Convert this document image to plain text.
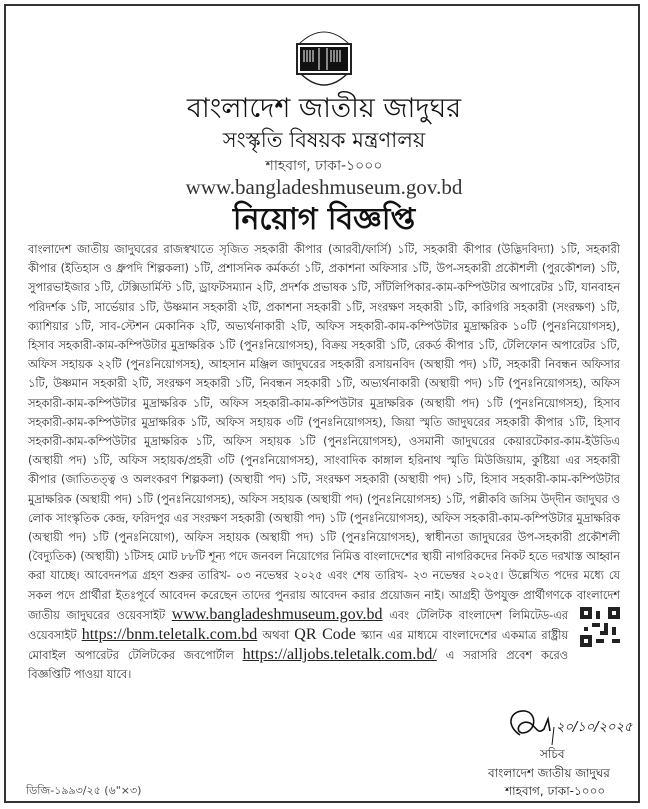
বাংলাদেশ জাতীয় জাদুঘর
সংস্কৃতি বিষয়ক মন্ত্রণালয়
শাহবাগ, ঢাকা-১০০০
www.bangladeshmuseum.gov.bd
নিয়োগ বিজ্ঞপ্তি
বাংলাদেশ জাতীয় জাদুঘরের রাজস্বখাতে সৃজিত সহকারী কীপার (আরবী/ফার্সি) ১টি, সহকারী কীপার (উদ্ভিদবিদ্যা) ১টি, সহকারী কীপার (ইতিহাস ও ধ্রুপদি শিল্পকলা) ১টি, প্রশাসনিক কর্মকর্তা ১টি, প্রকাশনা অফিসার ১টি, উপ-সহকারী প্রকৌশলী (পুরকৌশল) ১টি, সুপারভাইজার ১টি, টেক্সিডার্মিস্ট ১টি, ড্রাফটসম্যান ২টি, প্রদর্শক প্রভাষক ১টি, সাঁটলিপিকার-কাম-কম্পিউটার অপারেটর ১টি, যানবাহন পরিদর্শক ১টি, সার্ভেয়ার ১টি, উষ্ণমান সহকারী ২টি, প্রকাশনা সহকারী ১টি, সংরক্ষণ সহকারী ১টি, কারিগরি সহকারী (সংরক্ষণ) ১টি, ক্যাশিয়ার ১টি, সাব-স্টেশন মেকানিক ২টি, অভ্যর্থনাকারী ২টি, অফিস সহকারী-কাম-কম্পিউটার মুদ্রাক্ষরিক ১০টি (পুনঃনিয়োগসহ), হিসাব সহকারী-কাম-কম্পিউটার মুদ্রাক্ষরিক ১টি (পুনঃনিয়োগসহ), বিক্রয় সহকারী ১টি, রেকর্ড কীপার ১টি, টেলিফোন অপারেটর ১টি, অফিস সহায়ক ২২টি (পুনঃনিয়োগসহ), আহসান মঞ্জিল জাদুঘরের সহকারী রসায়নবিদ (অস্থায়ী পদ) ১টি, সহকারী নিবন্ধন অফিসার ১টি, উষ্ণমান সহকারী ২টি, সংরক্ষণ সহকারী ১টি, নিবন্ধন সহকারী ১টি, অভ্যর্থনাকারী (অস্থায়ী পদ) ১টি (পুনঃনিয়োগসহ), অফিস সহকারী-কাম-কম্পিউটার মুদ্রাক্ষরিক ১টি, অফিস সহকারী-কাম-কম্পিউটার মুদ্রাক্ষরিক (অস্থায়ী পদ) ১টি (পুনঃনিয়োগসহ), হিসাব সহকারী-কাম-কম্পিউটার মুদ্রাক্ষরিক ১টি, অফিস সহায়ক ৩টি (পুনঃনিয়োগসহ), জিয়া স্মৃতি জাদুঘরের সহকারী কীপার ১টি, হিসাব সহকারী-কাম-কম্পিউটার মুদ্রাক্ষরিক ১টি, অফিস সহায়ক ১টি (পুনঃনিয়োগসহ), ওসমানী জাদুঘরের কেয়ারটেকার-কাম-ইউডিএ (অস্থায়ী পদ) ১টি, অফিস সহায়ক/প্রহরী ৩টি (পুনঃনিয়োগসহ), সাংবাদিক কাঙ্গাল হরিনাথ স্মৃতি মিউজিয়াম, কুষ্টিয়া এর সহকারী কীপার (জাতিতত্ত্ব ও অলংকরণ শিল্পকলা) (অস্থায়ী পদ) ১টি, সংরক্ষণ সহকারী (অস্থায়ী পদ) ১টি, হিসাব সহকারী-কাম-কম্পিউটার মুদ্রাক্ষরিক (অস্থায়ী পদ) ১টি (পুনঃনিয়োগসহ), অফিস সহায়ক (অস্থায়ী পদ) (পুনঃনিয়োগসহ) ১টি, পল্লীকবি জসিম উদ্‌দীন জাদুঘর ও লোক সাংস্কৃতিক কেন্দ্র, ফরিদপুর এর সংরক্ষণ সহকারী (অস্থায়ী পদ) ১টি (পুনঃনিয়োগসহ), অফিস সহকারী-কাম-কম্পিউটার মুদ্রাক্ষরিক (অস্থায়ী পদ) ১টি (পুনঃনিয়োগ), অফিস সহায়ক (অস্থায়ী পদ) ১টি (পুনঃনিয়োগসহ), স্বাধীনতা জাদুঘরের উপ-সহকারী প্রকৌশলী (বৈদ্যুতিক) (অস্থায়ী) ১টিসহ মোট ৮৮টি শূন্য পদে জনবল নিয়োগের নিমিত্ত বাংলাদেশের স্থায়ী নাগরিকদের নিকট হতে দরখাস্ত আহ্বান করা যাচ্ছে। আবেদনপত্র গ্রহণ শুরুর তারিখ- ০৩ নভেম্বর ২০২৫ এবং শেষ তারিখ- ২৩ নভেম্বর ২০২৫। উল্লেখিত পদের মধ্যে যে সকল পদে প্রার্থীরা ইতঃপূর্বে আবেদন করেছেন তাদের পুনরায় আবেদন করার প্রয়োজন নাই। আগ্রহী উপযুক্ত প্রার্থীগণকে বাংলাদেশ জাতীয় জাদুঘরের ওয়েবসাইট
www.bangladeshmuseum.gov.bd এবং টেলিটক বাংলাদেশ লিমিটেড-এর ওয়েবসাইট https://bnm.teletalk.com.bd অথবা QR Code স্ক্যান এর মাধ্যমে বাংলাদেশের একমাত্র রাষ্ট্রীয় মোবাইল অপারেটর টেলিটকের জবপোর্টাল https://alljobs.teletalk.com.bd/ এ সরাসরি প্রবেশ করেও বিজ্ঞপ্তিটি পাওয়া যাবে।
২০/১০/২০২৫
সচিব
বাংলাদেশ জাতীয় জাদুঘর
শাহবাগ, ঢাকা-১০০০
ডিজি-১৯৯৩/২৫ (৬"×৩)
